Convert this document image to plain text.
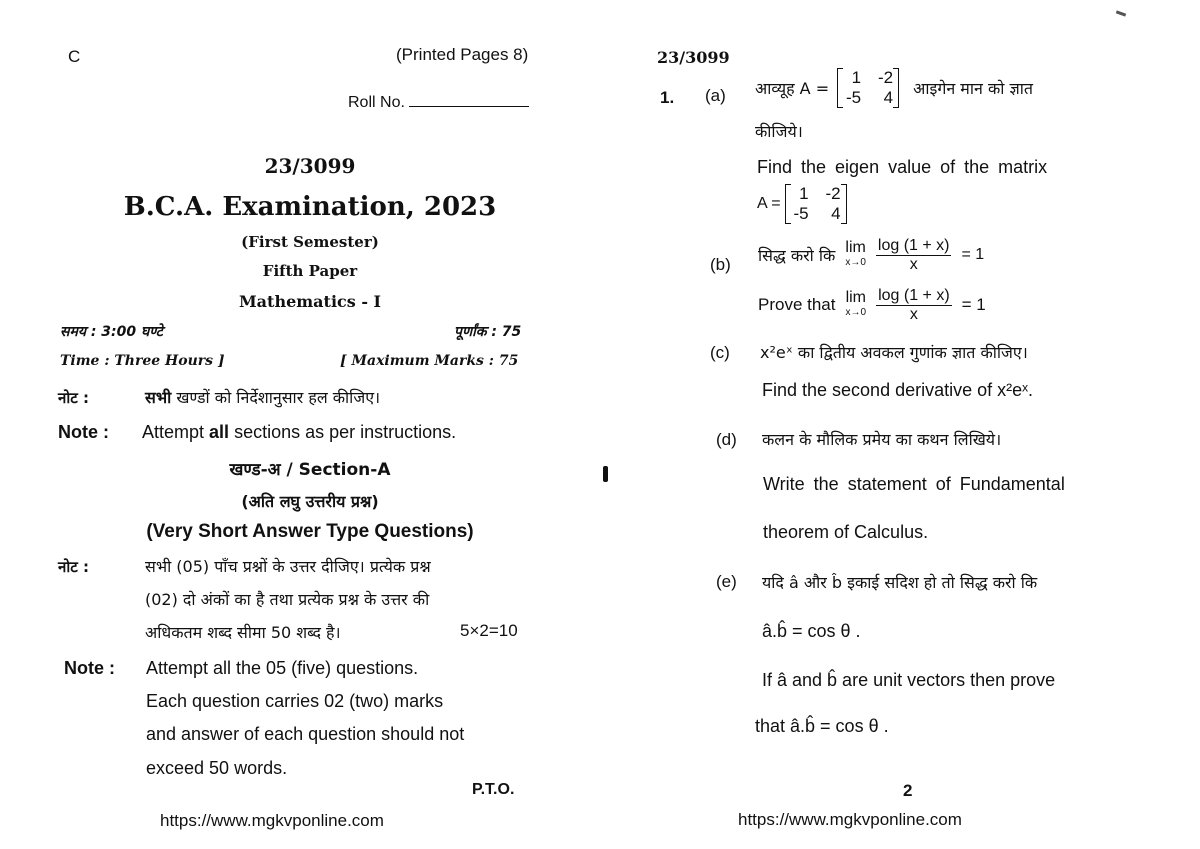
C	(Printed Pages 8)
Roll No.
23/3099
B.C.A. Examination, 2023
(First Semester)
Fifth Paper
Mathematics - I
समय : 3:00 घण्टे	पूर्णांक : 75
Time : Three Hours ]	[ Maximum Marks : 75
नोट :	सभी खण्डों को निर्देशानुसार हल कीजिए।
Note : Attempt all sections as per instructions.
खण्ड-अ / Section-A
(अति लघु उत्तरीय प्रश्न)
(Very Short Answer Type Questions)
नोट :	सभी (05) पाँच प्रश्नों के उत्तर दीजिए। प्रत्येक प्रश्न
(02) दो अंकों का है तथा प्रत्येक प्रश्न के उत्तर की
अधिकतम शब्द सीमा 50 शब्द है।	5×2=10
Note : Attempt all the 05 (five) questions.
Each question carries 02 (two) marks
and answer of each question should not
exceed 50 words.
P.T.O.
https://www.mgkvponline.com
23/3099
1. (a) आव्यूह A =
1 -2
-5	4 आइगेन मान को ज्ञात
कीजिये।
Find the eigen value of the matrix
A =
1 -2
-5	4
(b) सिद्ध करो कि lim
$x\to 0 \frac{\log (1 + x)}{x} = 1$
Prove that lim
$x\to 0 \frac{\log (1 + x)}{x} = 1$
(c) x²eˣ का द्वितीय अवकल गुणांक ज्ञात कीजिए।
Find the second derivative of x²eˣ.
(d) कलन के मौलिक प्रमेय का कथन लिखिये।
Write the statement of Fundamental
theorem of Calculus.
(e) यदि â और b̂ इकाई सदिश हो तो सिद्ध करो कि
â.b̂ = cos θ .
If â and b̂ are unit vectors then prove
that â.b̂ = cos θ .
2
https://www.mgkvponline.com
